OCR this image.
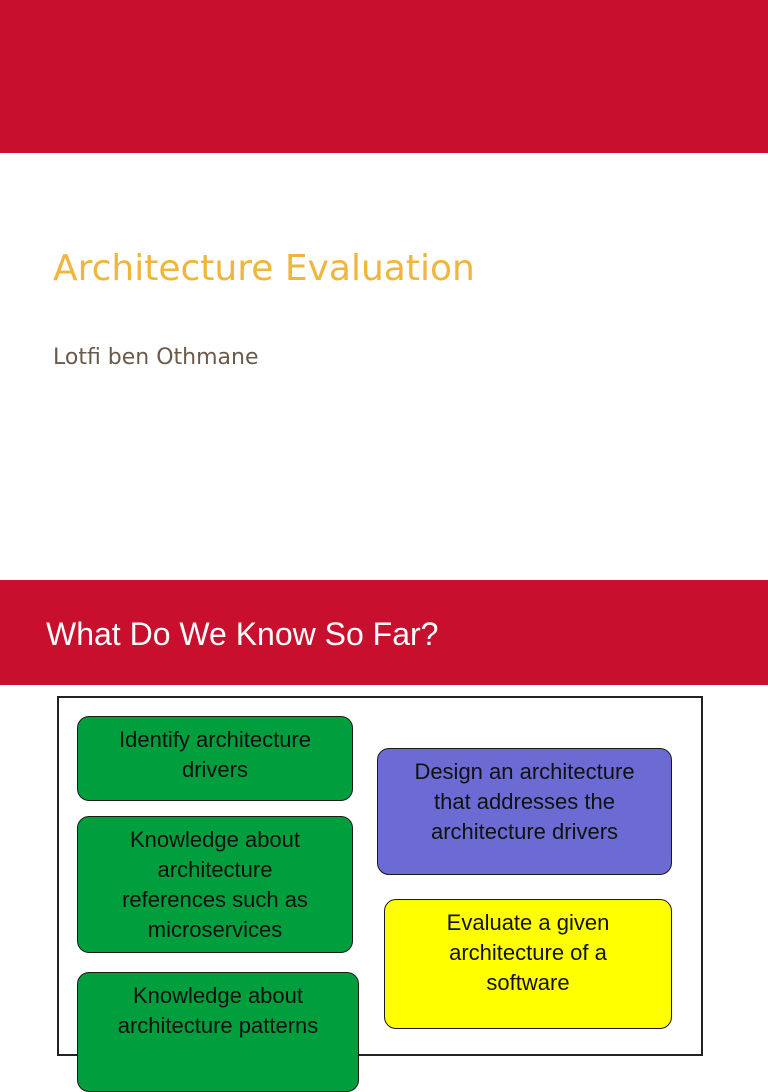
Architecture Evaluation
Lotfi ben Othmane
What Do We Know So Far?
Identify architecture
drivers
Knowledge about
architecture
references such as
microservices
Knowledge about
architecture patterns
Design an architecture
that addresses the
architecture drivers
Evaluate a given
architecture of a
software
